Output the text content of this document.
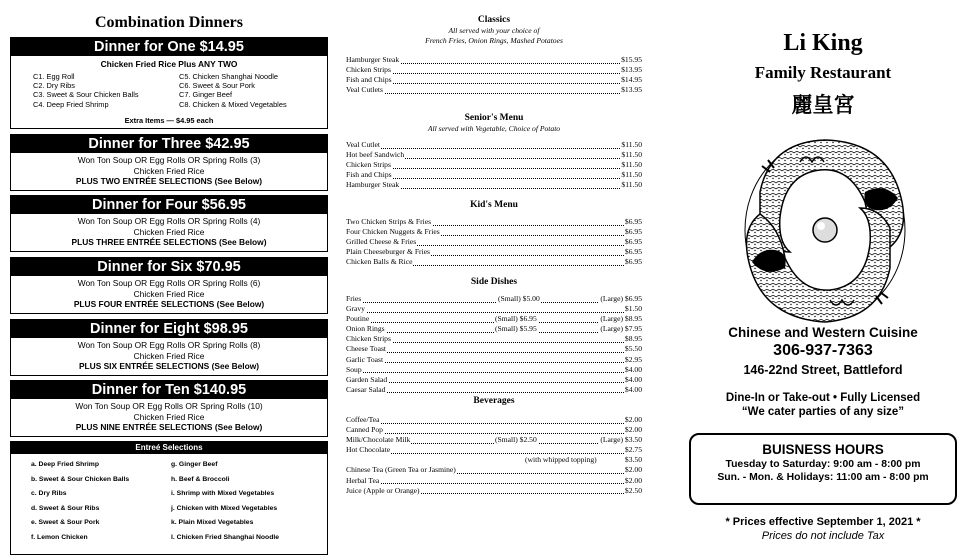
Combination Dinners
Dinner for One $14.95
Chicken Fried Rice Plus ANY TWO
C1. Egg Roll	C5. Chicken Shanghai Noodle
C2. Dry Ribs	C6. Sweet & Sour Pork
C3. Sweet & Sour Chicken Balls	C7. Ginger Beef
C4. Deep Fried Shrimp	C8. Chicken & Mixed Vegetables
Extra Items — $4.95 each
Dinner for Three $42.95
Won Ton Soup OR Egg Rolls OR Spring Rolls (3)
Chicken Fried Rice
PLUS TWO ENTRÉE SELECTIONS (See Below)
Dinner for Four $56.95
Won Ton Soup OR Egg Rolls OR Spring Rolls (4)
Chicken Fried Rice
PLUS THREE ENTRÉE SELECTIONS (See Below)
Dinner for Six $70.95
Won Ton Soup OR Egg Rolls OR Spring Rolls (6)
Chicken Fried Rice
PLUS FOUR ENTRÉE SELECTIONS (See Below)
Dinner for Eight $98.95
Won Ton Soup OR Egg Rolls OR Spring Rolls (8)
Chicken Fried Rice
PLUS SIX ENTRÉE SELECTIONS (See Below)
Dinner for Ten $140.95
Won Ton Soup OR Egg Rolls OR Spring Rolls (10)
Chicken Fried Rice
PLUS NINE ENTRÉE SELECTIONS (See Below)
Entreé Selections
a. Deep Fried Shrimp	g. Ginger Beef
b. Sweet & Sour Chicken Balls	h. Beef & Broccoli
c. Dry Ribs	i. Shrimp with Mixed Vegetables
d. Sweet & Sour Ribs	j. Chicken with Mixed Vegetables
e. Sweet & Sour Pork	k. Plain Mixed Vegetables
f. Lemon Chicken	l. Chicken Fried Shanghai Noodle
Classics
All served with your choice of
French Fries, Onion Rings, Mashed Potatoes
Hamburger Steak	$15.95
Chicken Strips	$13.95
Fish and Chips	$14.95
Veal Cutlets	$13.95
Senior's Menu
All served with Vegetable, Choice of Potato
Veal Cutlet	$11.50
Hot beef Sandwich	$11.50
Chicken Strips	$11.50
Fish and Chips	$11.50
Hamburger Steak	$11.50
Kid's Menu
Two Chicken Strips & Fries	$6.95
Four Chicken Nuggets & Fries	$6.95
Grilled Cheese & Fries	$6.95
Plain Cheeseburger & Fries	$6.95
Chicken Balls & Rice	$6.95
Side Dishes
Fries	(Small) $5.00	(Large) $6.95
Gravy	$1.50
Poutine	(Small) $6.95	(Large) $8.95
Onion Rings	(Small) $5.95	(Large) $7.95
Chicken Strips	$8.95
Cheese Toast	$5.50
Garlic Toast	$2.95
Soup	$4.00
Garden Salad	$4.00
Caesar Salad	$4.00
Beverages
Coffee/Tea	$2.00
Canned Pop	$2.00
Milk/Chocolate Milk	(Small) $2.50	(Large) $3.50
Hot Chocolate	$2.75
(with whipped topping)	$3.50
Chinese Tea (Green Tea or Jasmine)	$2.00
Herbal Tea	$2.00
Juice (Apple or Orange)	$2.50
Li King
Family Restaurant
麗皇宮
Chinese and Western Cuisine
306-937-7363
146-22nd Street, Battleford
Dine-In or Take-out • Fully Licensed
“We cater parties of any size”
BUISNESS HOURS
Tuesday to Saturday: 9:00 am - 8:00 pm
Sun. - Mon. & Holidays: 11:00 am - 8:00 pm
* Prices effective September 1, 2021 *
Prices do not include Tax
